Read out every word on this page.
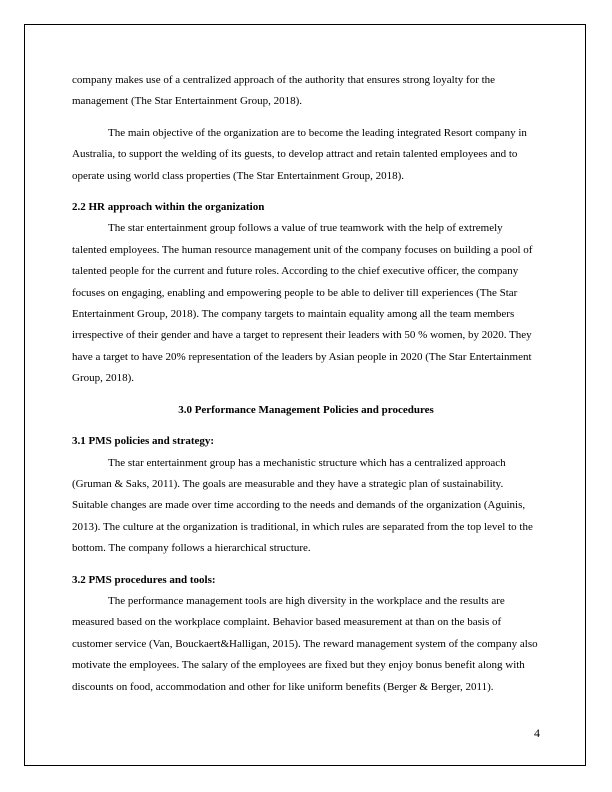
company makes use of a centralized approach of the authority that ensures strong loyalty for the management (The Star Entertainment Group, 2018).

The main objective of the organization are to become the leading integrated Resort company in Australia, to support the welding of its guests, to develop attract and retain talented employees and to operate using world class properties (The Star Entertainment Group, 2018).

2.2 HR approach within the organization

The star entertainment group follows a value of true teamwork with the help of extremely talented employees. The human resource management unit of the company focuses on building a pool of talented people for the current and future roles. According to the chief executive officer, the company focuses on engaging, enabling and empowering people to be able to deliver till experiences (The Star Entertainment Group, 2018). The company targets to maintain equality among all the team members irrespective of their gender and have a target to represent their leaders with 50 % women, by 2020. They have a target to have 20% representation of the leaders by Asian people in 2020 (The Star Entertainment Group, 2018).

3.0 Performance Management Policies and procedures
3.1 PMS policies and strategy:

The star entertainment group has a mechanistic structure which has a centralized approach (Gruman & Saks, 2011). The goals are measurable and they have a strategic plan of sustainability. Suitable changes are made over time according to the needs and demands of the organization (Aguinis, 2013). The culture at the organization is traditional, in which rules are separated from the top level to the bottom. The company follows a hierarchical structure.

3.2 PMS procedures and tools:

The performance management tools are high diversity in the workplace and the results are measured based on the workplace complaint. Behavior based measurement at than on the basis of customer service (Van, Bouckaert&Halligan, 2015). The reward management system of the company also motivate the employees. The salary of the employees are fixed but they enjoy bonus benefit along with discounts on food, accommodation and other for like uniform benefits (Berger & Berger, 2011).

4
